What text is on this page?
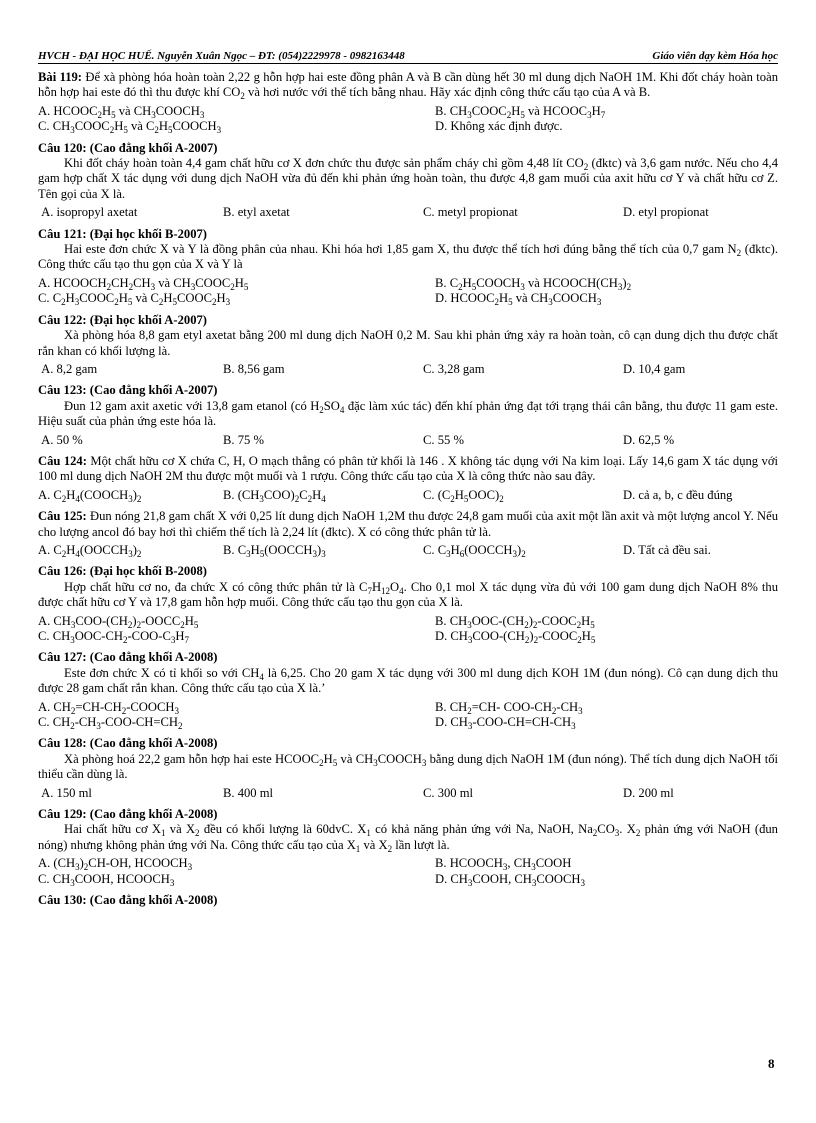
HVCH - ĐẠI HỌC HUẾ. Nguyễn Xuân Ngọc – ĐT: (054)2229978 - 0982163448	Giáo viên dạy kèm Hóa học
Bài 119: Để xà phòng hóa hoàn toàn 2,22 g hỗn hợp hai este đồng phân A và B cần dùng hết 30 ml dung dịch NaOH 1M. Khi đốt cháy hoàn toàn hỗn hợp hai este đó thì thu được khí $CO_2$ và hơi nước với thể tích bằng nhau. Hãy xác định công thức cấu tạo của A và B.
A. $HCOOC_2H_5$ và $CH_3COOCH_3$	B. $CH_3COOC_2H_5$ và $HCOOC_3H_7$
C. $CH_3COOC_2H_5$ và $C_2H_5COOCH_3$	D. Không xác định được.
Câu 120: (Cao đẳng khối A-2007)
Khi đốt cháy hoàn toàn 4,4 gam chất hữu cơ X đơn chức thu được sản phẩm cháy chỉ gồm 4,48 lít $CO_2$ (đktc) và 3,6 gam nước. Nếu cho 4,4 gam hợp chất X tác dụng với dung dịch NaOH vừa đủ đến khi phản ứng hoàn toàn, thu được 4,8 gam muối của axit hữu cơ Y và chất hữu cơ Z. Tên gọi của X là.
A. isopropyl axetat	B. etyl axetat	C. metyl propionat	D. etyl propionat
Câu 121: (Đại học khối B-2007)
Hai este đơn chức X và Y là đồng phân của nhau. Khi hóa hơi 1,85 gam X, thu được thể tích hơi đúng bằng thể tích của 0,7 gam $N_2$ (đktc). Công thức cấu tạo thu gọn của X và Y là
A. $HCOOCH_2CH_2CH_3$ và $CH_3COOC_2H_5$	B. $C_2H_5COOCH_3$ và $HCOOCH(CH_3)_2$
C. $C_2H_3COOC_2H_5$ và $C_2H_5COOC_2H_3$	D. $HCOOC_2H_5$ và $CH_3COOCH_3$
Câu 122: (Đại học khối A-2007)
Xà phòng hóa 8,8 gam etyl axetat bằng 200 ml dung dịch NaOH 0,2 M. Sau khi phản ứng xảy ra hoàn toàn, cô cạn dung dịch thu được chất rắn khan có khối lượng là.
A. 8,2 gam	B. 8,56 gam	C. 3,28 gam	D. 10,4 gam
Câu 123: (Cao đẳng khối A-2007)
Đun 12 gam axit axetic với 13,8 gam etanol (có $H_2SO_4$ đặc làm xúc tác) đến khí phản ứng đạt tới trạng thái cân bằng, thu được 11 gam este. Hiệu suất của phản ứng este hóa là.
A. 50 %	B. 75 %	C. 55 %	D. 62,5 %
Câu 124: Một chất hữu cơ X chứa C, H, O mạch thẳng có phân tử khối là 146 . X không tác dụng với Na kim loại. Lấy 14,6 gam X tác dụng với 100 ml dung dịch NaOH 2M thu được một muối và 1 rượu. Công thức cấu tạo của X là công thức nào sau đây.
A. $C_2H_4(COOCH_3)_2$	B. $(CH_3COO)_2C_2H_4$	C. $(C_2H_5OOC)_2$	D. cả a, b, c đều đúng
Câu 125: Đun nóng 21,8 gam chất X với 0,25 lít dung dịch NaOH 1,2M thu được 24,8 gam muối của axit một lần axit và một lượng ancol Y. Nếu cho lượng ancol đó bay hơi thì chiếm thể tích là 2,24 lít (đktc). X có công thức phân tử là.
A. $C_2H_4(OOCCH_3)_2$	B. $C_3H_5(OOCCH_3)_3$	C. $C_3H_6(OOCCH_3)_2$	D. Tất cả đều sai.
Câu 126: (Đại học khối B-2008)
Hợp chất hữu cơ no, đa chức X có công thức phân tử là $C_7H_{12}O_4$. Cho 0,1 mol X tác dụng vừa đủ với 100 gam dung dịch NaOH 8% thu được chất hữu cơ Y và 17,8 gam hỗn hợp muối. Công thức cấu tạo thu gọn của X là.
A. $CH_3COO-(CH_2)_2-OOCC_2H_5$	B. $CH_3OOC-(CH_2)_2-COOC_2H_5$
C. $CH_3OOC-CH_2-COO-C_3H_7$	D. $CH_3COO-(CH_2)_2-COOC_2H_5$
Câu 127: (Cao đẳng khối A-2008)
Este đơn chức X có tỉ khối so với $CH_4$ là 6,25. Cho 20 gam X tác dụng với 300 ml dung dịch KOH 1M (đun nóng). Cô cạn dung dịch thu được 28 gam chất rắn khan. Công thức cấu tạo của X là.’
A. $CH_2=CH-CH_2-COOCH_3$	B. $CH_2=CH-$ COO-$CH_2-CH_3$
C. $CH_2-CH_3-COO-CH=CH_2$	D. $CH_3-COO-CH=CH-CH_3$
Câu 128: (Cao đẳng khối A-2008)
Xà phòng hoá 22,2 gam hỗn hợp hai este $HCOOC_2H_5$ và $CH_3COOCH_3$ bằng dung dịch NaOH 1M (đun nóng). Thể tích dung dịch NaOH tối thiểu cần dùng là.
A. 150 ml	B. 400 ml	C. 300 ml	D. 200 ml
Câu 129: (Cao đẳng khối A-2008)
Hai chất hữu cơ $X_1$ và $X_2$ đều có khối lượng là 60dvC. $X_1$ có khả năng phản ứng với Na, NaOH, $Na_2CO_3$. $X_2$ phản ứng với NaOH (đun nóng) nhưng không phản ứng với Na. Công thức cấu tạo của $X_1$ và $X_2$ lần lượt là.
A. $(CH_3)_2CH-OH$, $HCOOCH_3$	B. $HCOOCH_3$, $CH_3COOH$
C. $CH_3COOH$, $HCOOCH_3$	D. $CH_3COOH$, $CH_3COOCH_3$
Câu 130: (Cao đẳng khối A-2008)
8
